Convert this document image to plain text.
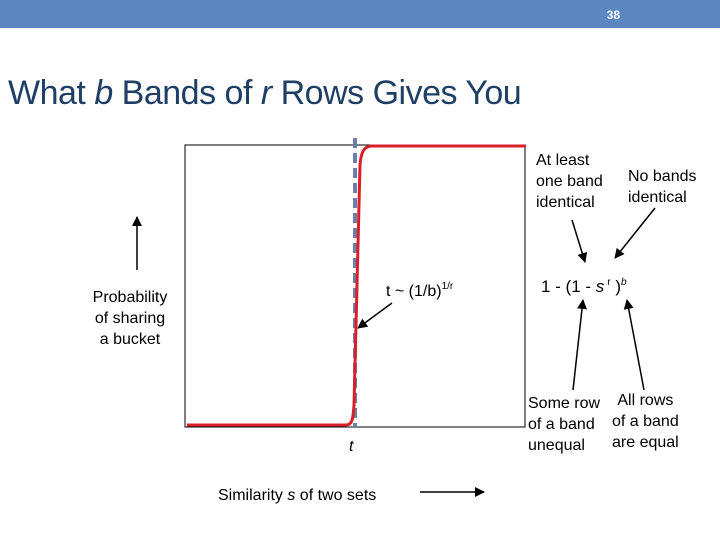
38
What b Bands of r Rows Gives You
Probability
of sharing
a bucket
t ~ $(1/b)^{1/r}$
t
Similarity s of two sets
At least
one band
identical
No bands
identical
1 - (1 - s $^r$ )$^b$
Some row
of a band
unequal
All rows
of a band
are equal
